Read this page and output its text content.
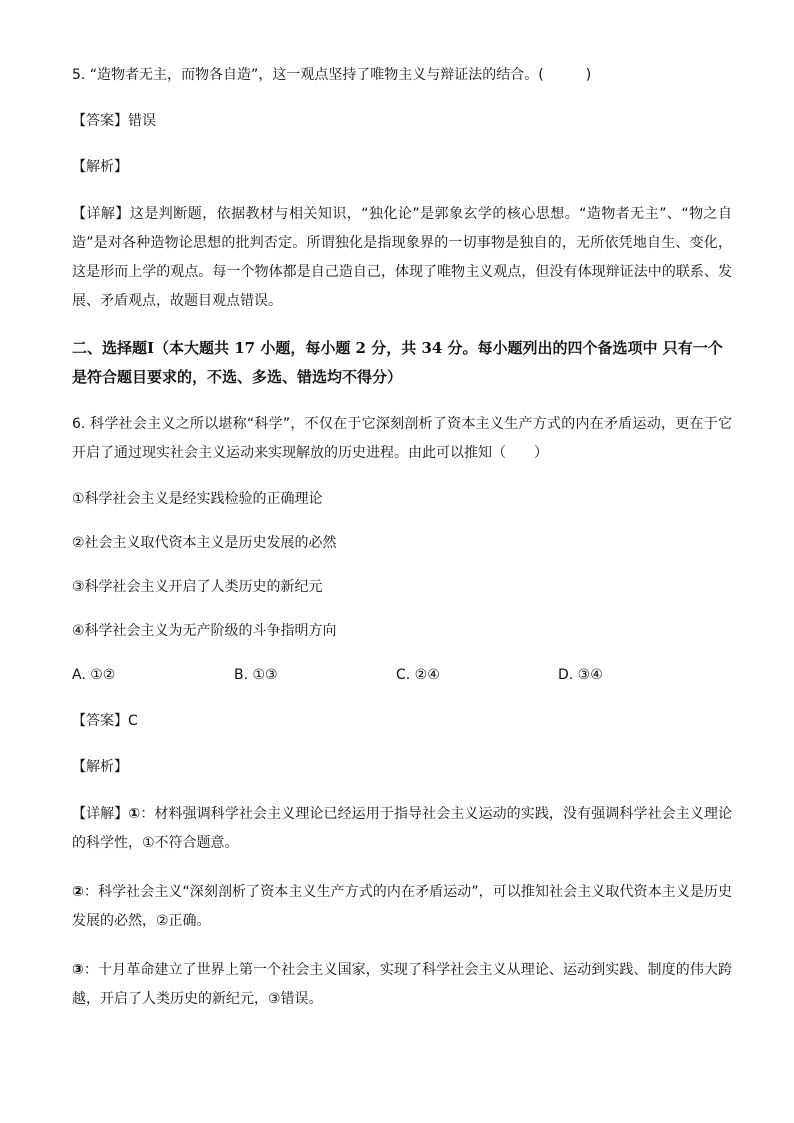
5. “造物者无主，而物各自造”，这一观点坚持了唯物主义与辩证法的结合。(　　　)
【答案】错误
【解析】
【详解】这是判断题，依据教材与相关知识，“独化论”是郭象玄学的核心思想。“造物者无主”、“物之自造”是对各种造物论思想的批判否定。所谓独化是指现象界的一切事物是独自的，无所依凭地自生、变化，这是形而上学的观点。每一个物体都是自己造自己，体现了唯物主义观点，但没有体现辩证法中的联系、发展、矛盾观点，故题目观点错误。
二、选择题Ⅰ（本大题共 17 小题，每小题 2 分，共 34 分。每小题列出的四个备选项中 只有一个是符合题目要求的，不选、多选、错选均不得分）
6. 科学社会主义之所以堪称“科学”，不仅在于它深刻剖析了资本主义生产方式的内在矛盾运动，更在于它开启了通过现实社会主义运动来实现解放的历史进程。由此可以推知（　　）
①科学社会主义是经实践检验的正确理论
②社会主义取代资本主义是历史发展的必然
③科学社会主义开启了人类历史的新纪元
④科学社会主义为无产阶级的斗争指明方向
A. ①②	B. ①③	C. ②④	D. ③④
【答案】C
【解析】
【详解】①：材料强调科学社会主义理论已经运用于指导社会主义运动的实践，没有强调科学社会主义理论的科学性，①不符合题意。
②：科学社会主义“深刻剖析了资本主义生产方式的内在矛盾运动”，可以推知社会主义取代资本主义是历史发展的必然，②正确。
③：十月革命建立了世界上第一个社会主义国家，实现了科学社会主义从理论、运动到实践、制度的伟大跨越，开启了人类历史的新纪元，③错误。
